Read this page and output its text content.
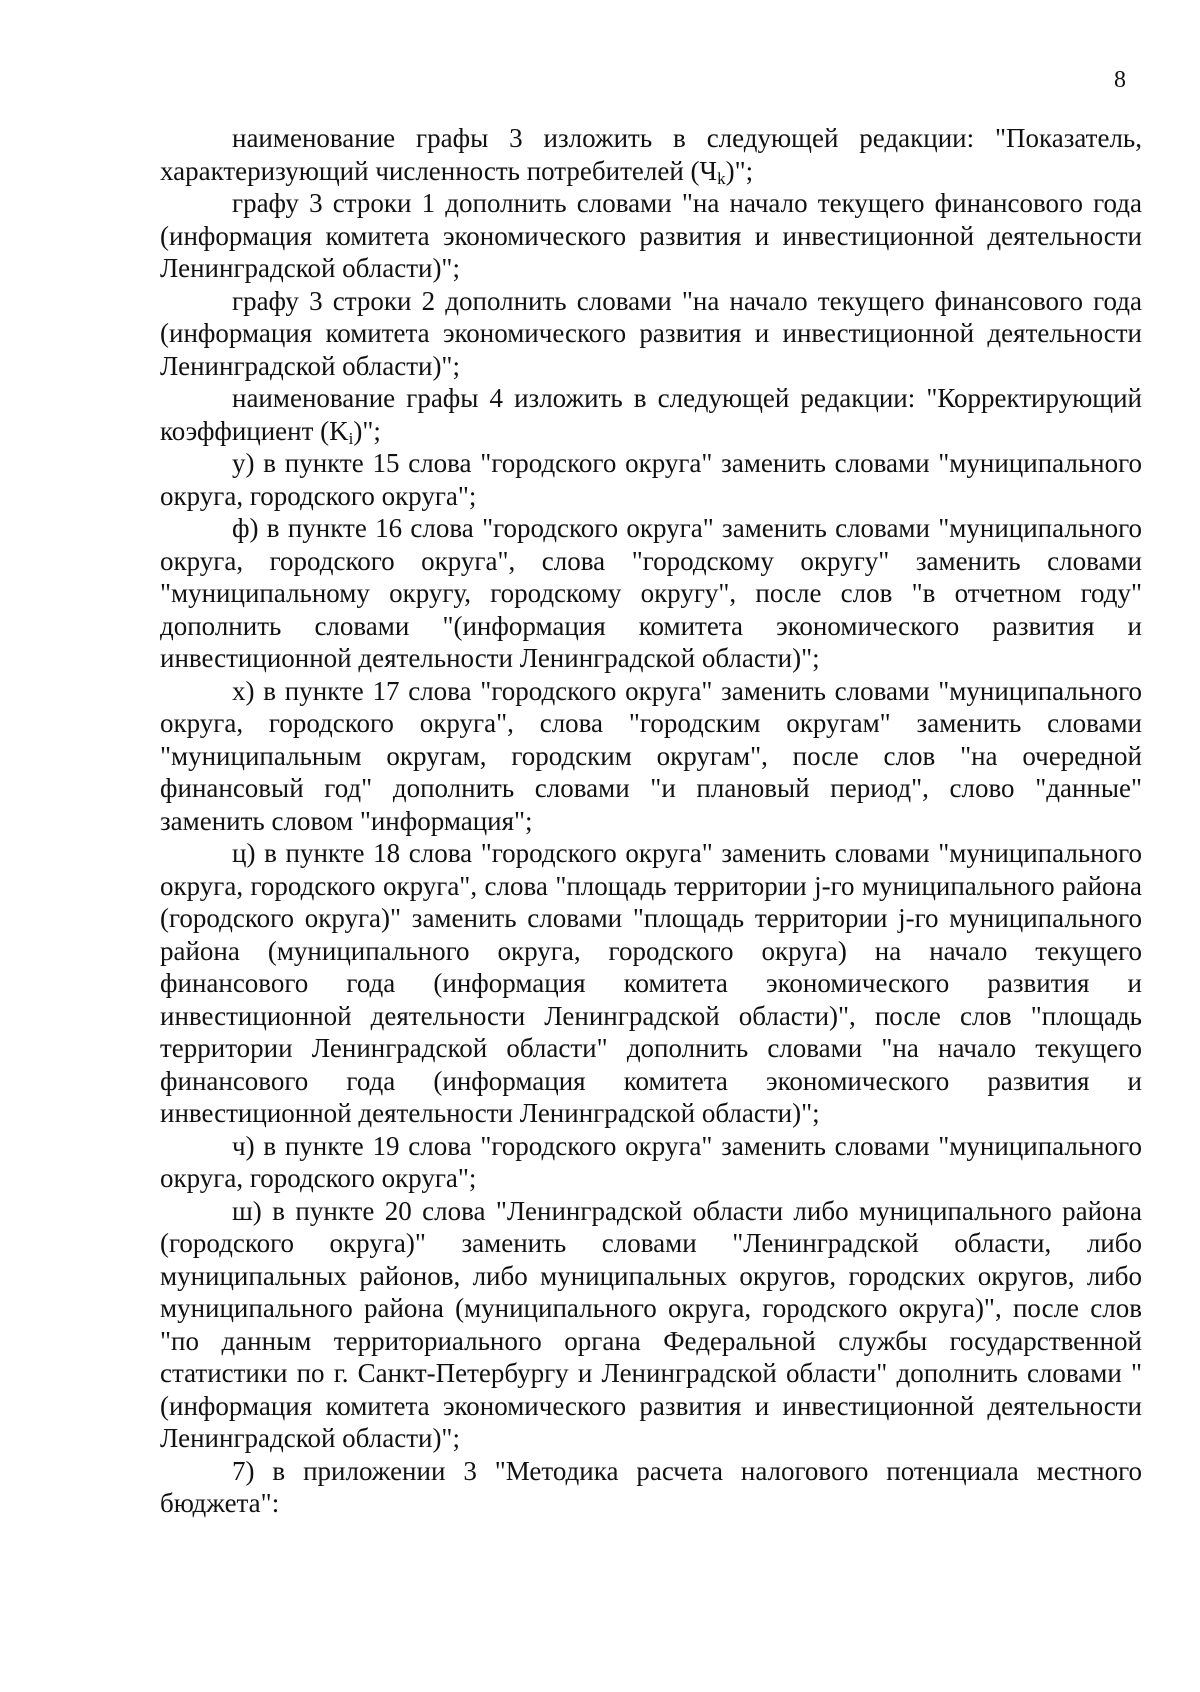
8

наименование графы 3 изложить в следующей редакции: "Показатель, характеризующий численность потребителей $(Ч_k)$";

графу 3 строки 1 дополнить словами "на начало текущего финансового года (информация комитета экономического развития и инвестиционной деятельности Ленинградской области)";

графу 3 строки 2 дополнить словами "на начало текущего финансового года (информация комитета экономического развития и инвестиционной деятельности Ленинградской области)";

наименование графы 4 изложить в следующей редакции: "Корректирующий коэффициент $(K_i)$";

у) в пункте 15 слова "городского округа" заменить словами "муниципального округа, городского округа";

ф) в пункте 16 слова "городского округа" заменить словами "муниципального округа, городского округа", слова "городскому округу" заменить словами "муниципальному округу, городскому округу", после слов "в отчетном году" дополнить словами "(информация комитета экономического развития и инвестиционной деятельности Ленинградской области)";

х) в пункте 17 слова "городского округа" заменить словами "муниципального округа, городского округа", слова "городским округам" заменить словами "муниципальным округам, городским округам", после слов "на очередной финансовый год" дополнить словами "и плановый период", слово "данные" заменить словом "информация";

ц) в пункте 18 слова "городского округа" заменить словами "муниципального округа, городского округа", слова "площадь территории j-го муниципального района (городского округа)" заменить словами "площадь территории j-го муниципального района (муниципального округа, городского округа) на начало текущего финансового года (информация комитета экономического развития и инвестиционной деятельности Ленинградской области)", после слов "площадь территории Ленинградской области" дополнить словами "на начало текущего финансового года (информация комитета экономического развития и инвестиционной деятельности Ленинградской области)";

ч) в пункте 19 слова "городского округа" заменить словами "муниципального округа, городского округа";

ш) в пункте 20 слова "Ленинградской области либо муниципального района (городского округа)" заменить словами "Ленинградской области, либо муниципальных районов, либо муниципальных округов, городских округов, либо муниципального района (муниципального округа, городского округа)", после слов "по данным территориального органа Федеральной службы государственной статистики по г. Санкт-Петербургу и Ленинградской области" дополнить словами "(информация комитета экономического развития и инвестиционной деятельности Ленинградской области)";

7) в приложении 3 "Методика расчета налогового потенциала местного бюджета":
